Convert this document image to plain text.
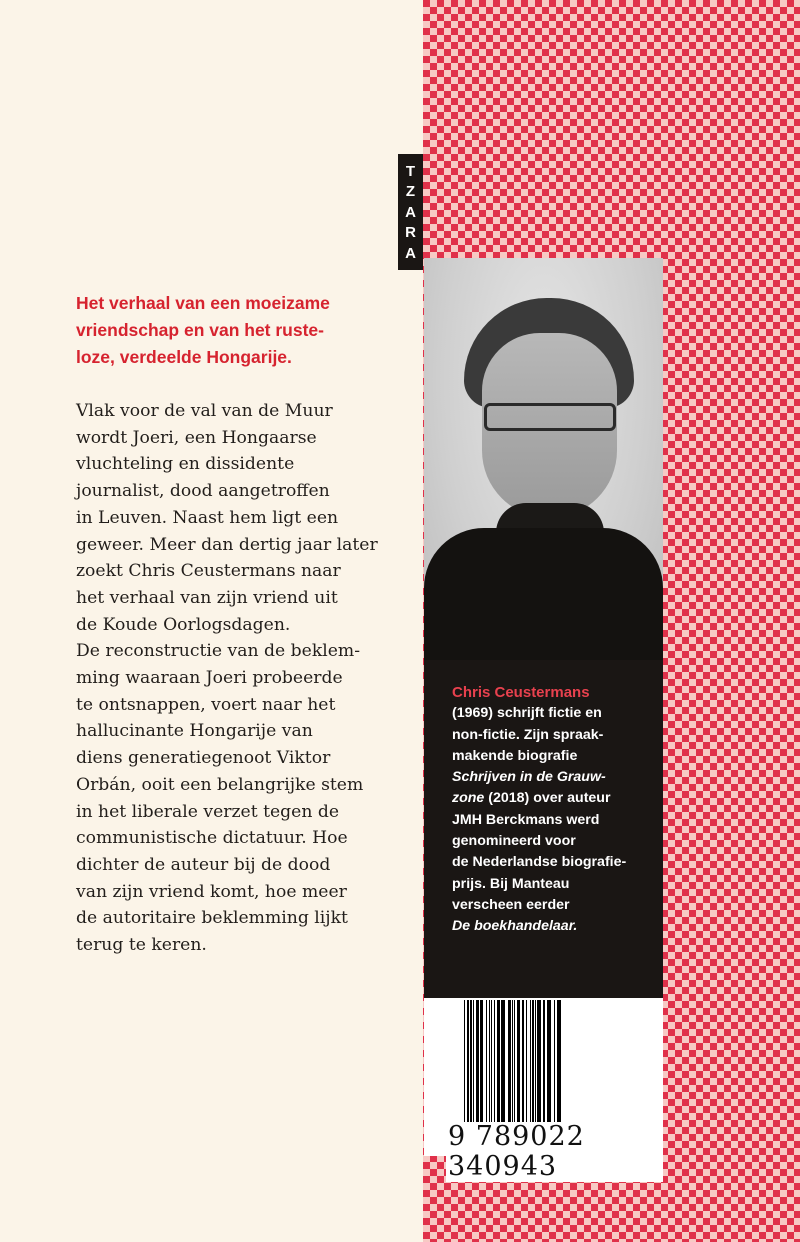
T
Z
A
R
A

Het verhaal van een moeizame
vriendschap en van het ruste-
loze, verdeelde Hongarije.

Vlak voor de val van de Muur
wordt Joeri, een Hongaarse
vluchteling en dissidente
journalist, dood aangetroffen
in Leuven. Naast hem ligt een
geweer. Meer dan dertig jaar later
zoekt Chris Ceustermans naar
het verhaal van zijn vriend uit
de Koude Oorlogsdagen.
De reconstructie van de beklem-
ming waaraan Joeri probeerde
te ontsnappen, voert naar het
hallucinante Hongarije van
diens generatiegenoot Viktor
Orbán, ooit een belangrijke stem
in het liberale verzet tegen de
communistische dictatuur. Hoe
dichter de auteur bij de dood
van zijn vriend komt, hoe meer
de autoritaire beklemming lijkt
terug te keren.

Chris Ceustermans
(1969) schrijft fictie en
non-fictie. Zijn spraak-
makende biografie
Schrijven in de Grauw-
zone (2018) over auteur
JMH Berckmans werd
genomineerd voor
de Nederlandse biografie-
prijs. Bij Manteau
verscheen eerder
De boekhandelaar.
9 789022 340943
